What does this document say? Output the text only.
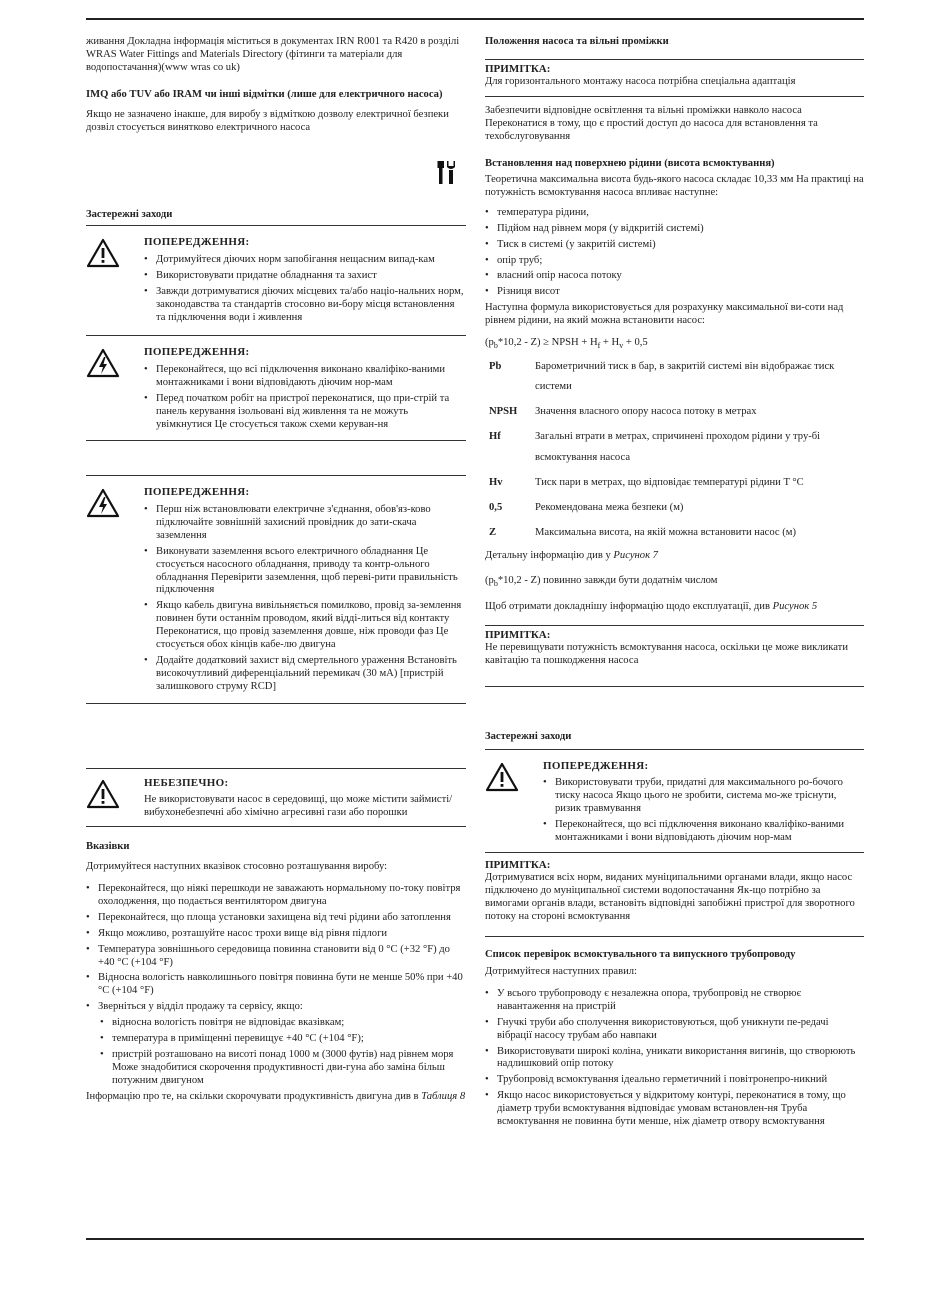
живання Докладна інформація міститься в документах IRN R001 та R420 в розділі WRAS Water Fittings and Materials Directory (фітинги та матеріали для водопостачання)(www wras co uk)

IMQ або TUV або IRAM чи інші відмітки (лише для електричного насоса)

Якщо не зазначено інакше, для виробу з відміткою дозволу електричної безпеки дозвіл стосується винятково електричного насоса

Застережні заходи

ПОПЕРЕДЖЕННЯ:

• Дотримуйтеся діючих норм запобігання нещасним випад-кам
• Використовувати придатне обладнання та захист
• Завжди дотримуватися діючих місцевих та/або націо-нальних норм, законодавства та стандартів стосовно ви-бору місця встановлення та підключення води і живлення

ПОПЕРЕДЖЕННЯ:

• Переконайтеся, що всі підключення виконано кваліфіко-ваними монтажниками і вони відповідають діючим нор-мам
• Перед початком робіт на пристрої переконатися, що при-стрій та панель керування ізольовані від живлення та не можуть увімкнутися Це стосується також схеми керуван-ня

ПОПЕРЕДЖЕННЯ:

• Перш ніж встановлювати електричне з'єднання, обов'яз-ково підключайте зовнішній захисний провідник до зати-скача заземлення
• Виконувати заземлення всього електричного обладнання Це стосується насосного обладнання, приводу та контр-ольного обладнання Перевірити заземлення, щоб переві-рити правильність підключення
• Якщо кабель двигуна вивільняється помилково, провід за-землення повинен бути останнім проводом, який відді-литься від контакту Переконатися, що провід заземлення довше, ніж проводи фаз Це стосується обох кінців кабе-лю двигуна
• Додайте додатковий захист від смертельного ураження Встановіть високочутливий диференціальний перемикач (30 мА) [пристрій залишкового струму RCD]

НЕБЕЗПЕЧНО:

Не використовувати насос в середовищі, що може містити займисті/вибухонебезпечні або хімічно агресивні гази або порошки

Вказівки

Дотримуйтеся наступних вказівок стосовно розташування виробу:

• Переконайтеся, що ніякі перешкоди не заважають нормальному по-току повітря охолодження, що подається вентилятором двигуна
• Переконайтеся, що площа установки захищена від течі рідини або затоплення
• Якщо можливо, розташуйте насос трохи вище від рівня підлоги
• Температура зовнішнього середовища повинна становити від 0 °C (+32 °F) до +40 °C (+104 °F)
• Відносна вологість навколишнього повітря повинна бути не менше 50% при +40 °C (+104 °F)
• Зверніться у відділ продажу та сервісу, якщо:
• відносна вологість повітря не відповідає вказівкам;
• температура в приміщенні перевищує +40 °C (+104 °F);
• пристрій розташовано на висоті понад 1000 м (3000 футів) над рівнем моря Може знадобитися скорочення продуктивності дви-гуна або заміна більш потужним двигуном

Інформацію про те, на скільки скорочувати продуктивність двигуна див в Таблиця 8

Положення насоса та вільні проміжки

ПРИМІТКА:

Для горизонтального монтажу насоса потрібна спеціальна адаптація

Забезпечити відповідне освітлення та вільні проміжки навколо насоса Переконатися в тому, що є простий доступ до насоса для встановлення та техобслуговування

Встановлення над поверхнею рідини (висота всмоктування)

Теоретична максимальна висота будь-якого насоса складає 10,33 мм На практиці на потужність всмоктування насоса впливає наступне:

• температура рідини,
• Підйом над рівнем моря (у відкритій системі)
• Тиск в системі (у закритій системі)
• опір труб;
• власний опір насоса потоку
• Різниця висот

Наступна формула використовується для розрахунку максимальної ви-соти над рівнем рідини, на який можна встановити насос:

$(p_b*10,2 - Z)$ ≥ NPSH + $H_f + H_v + 0,5$

Pb	Барометричний тиск в бар, в закритій системі він відображає тиск системи
NPSH	Значення власного опору насоса потоку в метрах
Hf	Загальні втрати в метрах, спричинені проходом рідини у тру-бі всмоктування насоса
Hv	Тиск пари в метрах, що відповідає температурі рідини T °C
0,5	Рекомендована межа безпеки (м)
Z	Максимальна висота, на якій можна встановити насос (м)

Детальну інформацію див у Рисунок 7

$(p_b*10,2 - Z)$ повинно завжди бути додатнім числом

Щоб отримати докладнішу інформацію щодо експлуатації, див Рисунок 5

ПРИМІТКА:

Не перевищувати потужність всмоктування насоса, оскільки це може викликати кавітацію та пошкодження насоса

Застережні заходи

ПОПЕРЕДЖЕННЯ:

• Використовувати труби, придатні для максимального ро-бочого тиску насоса Якщо цього не зробити, система мо-же тріснути, ризик травмування
• Переконайтеся, що всі підключення виконано кваліфіко-ваними монтажниками і вони відповідають діючим нор-мам

ПРИМІТКА:

Дотримуватися всіх норм, виданих муніципальними органами влади, якщо насос підключено до муніципальної системи водопостачання Як-що потрібно за вимогами органів влади, встановіть відповідні запобіжні пристрої для зворотного потоку на стороні всмоктування

Список перевірок всмоктувального та випускного трубопроводу

Дотримуйтеся наступних правил:

• У всього трубопроводу є незалежна опора, трубопровід не створює навантаження на пристрій
• Гнучкі труби або сполучення використовуються, щоб уникнути пе-редачі вібрації насосу трубам або навпаки
• Використовувати широкі коліна, уникати використання вигинів, що створюють надлишковий опір потоку
• Трубопровід всмоктування ідеально герметичний і повітронепро-никний
• Якщо насос використовується у відкритому контурі, переконатися в тому, що діаметр труби всмоктування відповідає умовам встановлен-ня Труба всмоктування не повинна бути менше, ніж діаметр отвору всмоктування
